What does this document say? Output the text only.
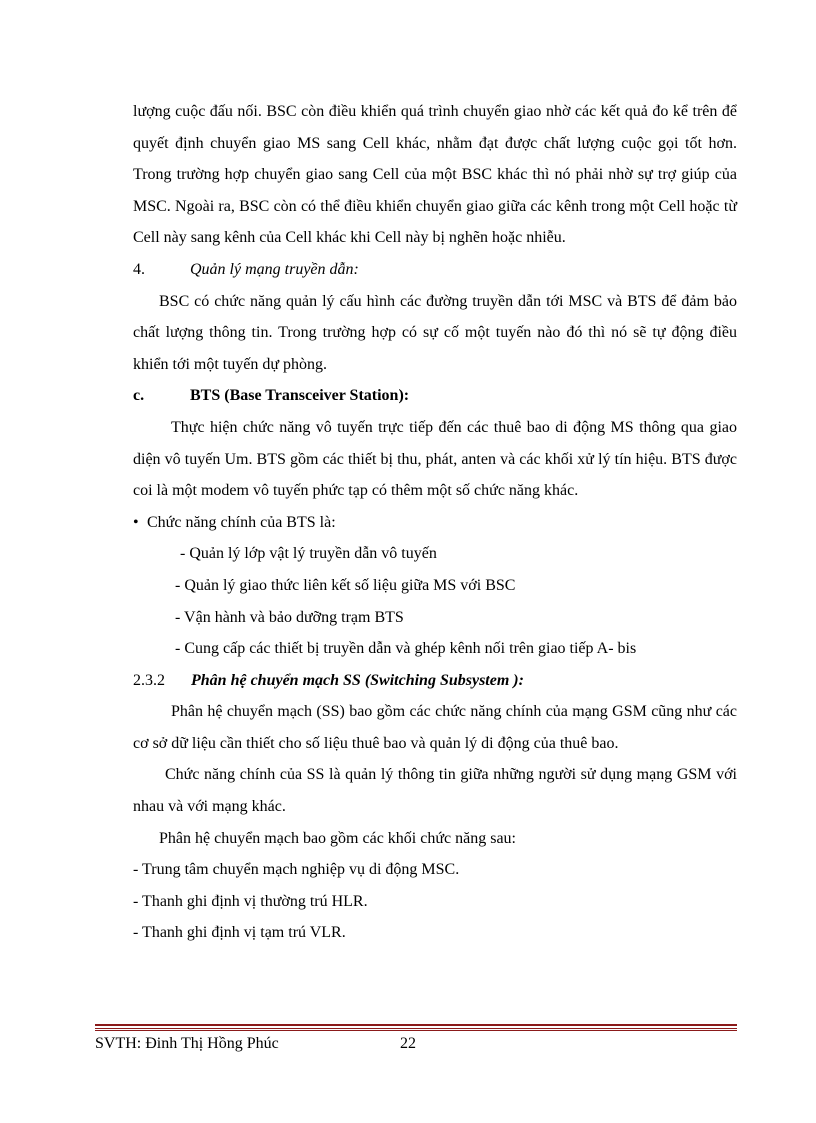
lượng cuộc đấu nối. BSC còn điều khiển quá trình chuyển giao nhờ các kết quả đo kể trên để quyết định chuyển giao MS sang Cell khác, nhằm đạt được chất lượng cuộc gọi tốt hơn. Trong trường hợp chuyển giao sang Cell của một BSC khác thì nó phải nhờ sự trợ giúp của MSC. Ngoài ra, BSC còn có thể điều khiển chuyển giao giữa các kênh trong một Cell hoặc từ Cell này sang kênh của Cell khác khi Cell này bị nghẽn hoặc nhiễu.

4.	Quản lý mạng truyền dẫn:

BSC có chức năng quản lý cấu hình các đường truyền dẫn tới MSC và BTS để đảm bảo chất lượng thông tin. Trong trường hợp có sự cố một tuyến nào đó thì nó sẽ tự động điều khiển tới một tuyến dự phòng.

c.	BTS (Base Transceiver Station):

Thực hiện chức năng vô tuyến trực tiếp đến các thuê bao di động MS thông qua giao diện vô tuyến Um. BTS gồm các thiết bị thu, phát, anten và các khối xử lý tín hiệu. BTS được coi là một modem vô tuyến phức tạp có thêm một số chức năng khác.

• Chức năng chính của BTS là:

- Quản lý lớp vật lý truyền dẫn vô tuyến

- Quản lý giao thức liên kết số liệu giữa MS với BSC

- Vận hành và bảo dưỡng trạm BTS

- Cung cấp các thiết bị truyền dẫn và ghép kênh nối trên giao tiếp A- bis

2.3.2 Phân hệ chuyển mạch SS (Switching Subsystem ):

Phân hệ chuyển mạch (SS) bao gồm các chức năng chính của mạng GSM cũng như các cơ sở dữ liệu cần thiết cho số liệu thuê bao và quản lý di động của thuê bao.

Chức năng chính của SS là quản lý thông tin giữa những người sử dụng mạng GSM với nhau và với mạng khác.

Phân hệ chuyển mạch bao gồm các khối chức năng sau:

- Trung tâm chuyển mạch nghiệp vụ di động MSC.

- Thanh ghi định vị thường trú HLR.

- Thanh ghi định vị tạm trú VLR.

SVTH: Đinh Thị Hồng Phúc	22
